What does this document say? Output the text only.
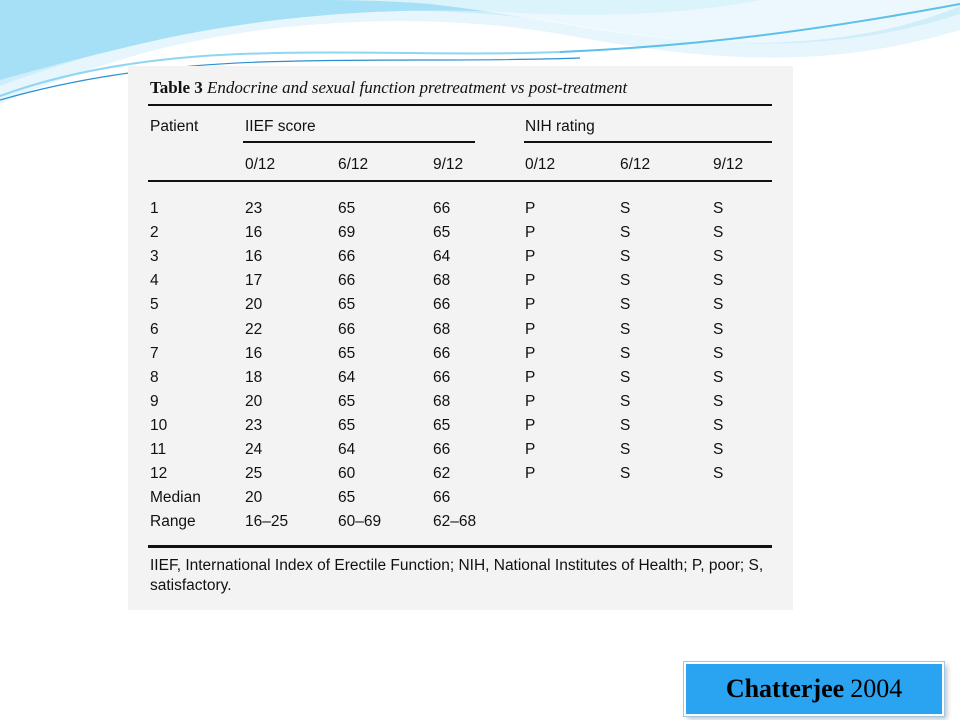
Table 3 Endocrine and sexual function pretreatment vs post-treatment
Patient	IIEF score	NIH rating
0/12	6/12	9/12	0/12	6/12	9/12
1	23	65	66	P	S	S
2	16	69	65	P	S	S
3	16	66	64	P	S	S
4	17	66	68	P	S	S
5	20	65	66	P	S	S
6	22	66	68	P	S	S
7	16	65	66	P	S	S
8	18	64	66	P	S	S
9	20	65	68	P	S	S
10	23	65	65	P	S	S
11	24	64	66	P	S	S
12	25	60	62	P	S	S
Median	20	65	66
Range	16–25	60–69	62–68
IIEF, International Index of Erectile Function; NIH, National Institutes of Health; P, poor; S, satisfactory.
Chatterjee 2004
